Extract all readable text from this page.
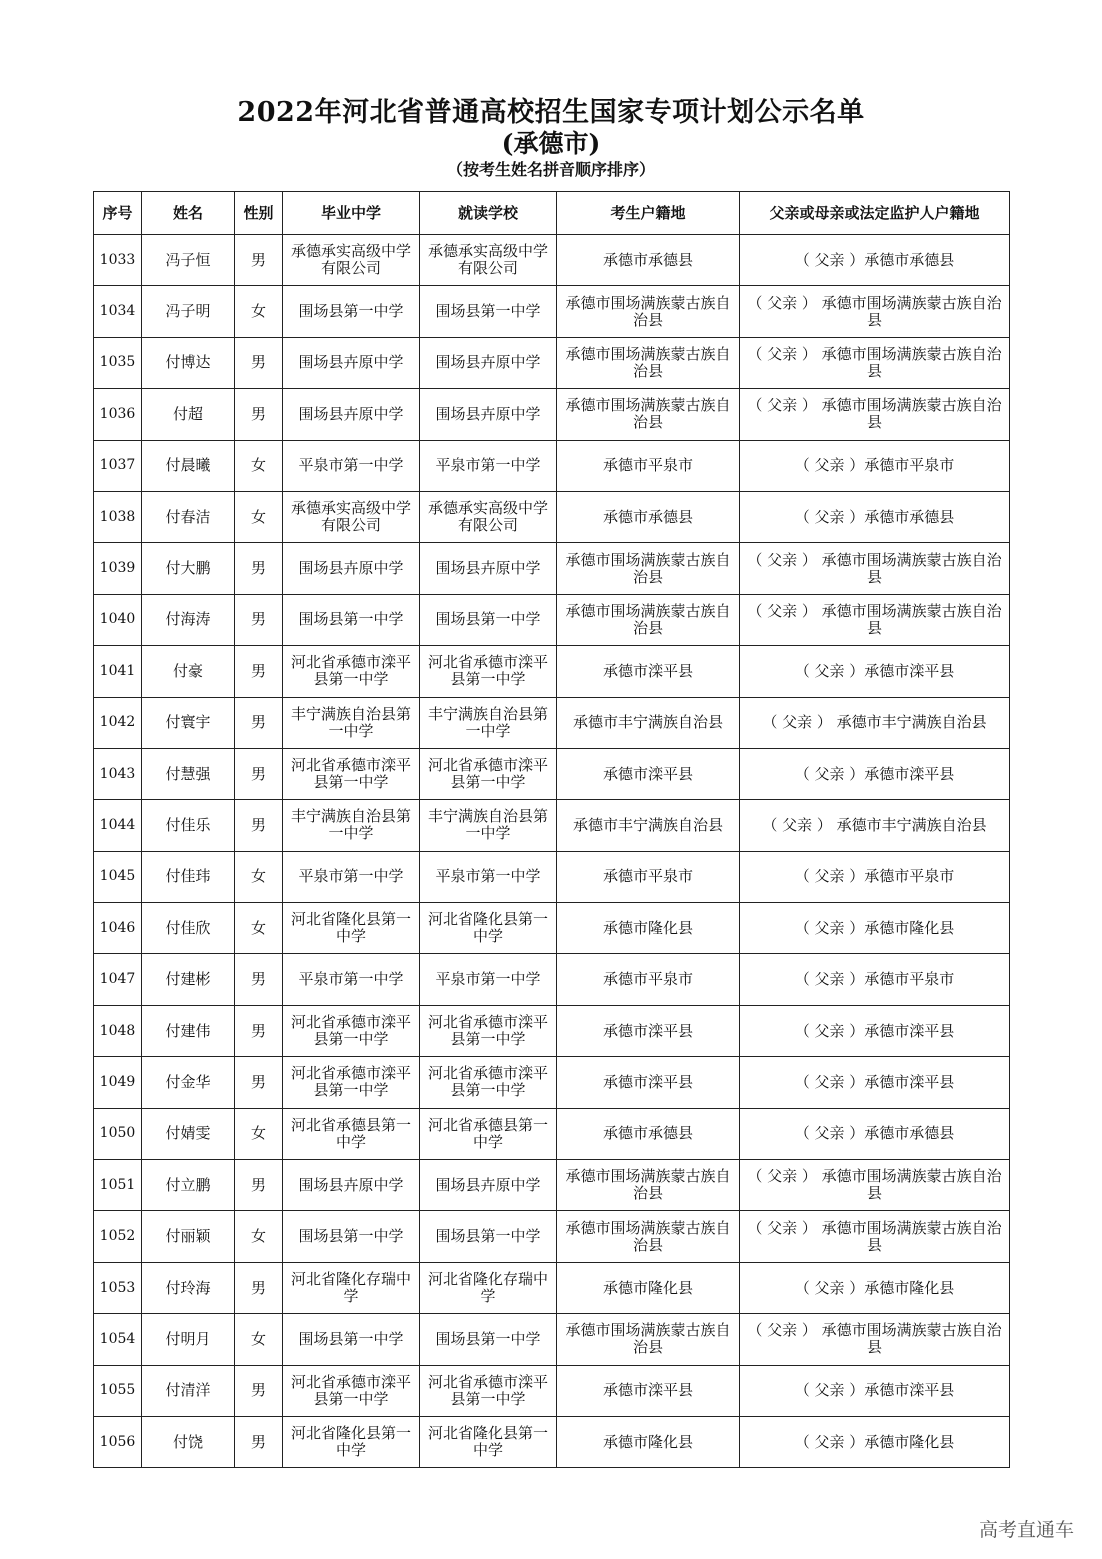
2022年河北省普通高校招生国家专项计划公示名单
(承德市)
（按考生姓名拼音顺序排序）
序号	姓名	性别	毕业中学	就读学校	考生户籍地	父亲或母亲或法定监护人户籍地
1033	冯子恒	男	承德承实高级中学有限公司	承德承实高级中学有限公司	承德市承德县	（ 父亲 ）承德市承德县
1034	冯子明	女	围场县第一中学	围场县第一中学	承德市围场满族蒙古族自治县	（ 父亲 ） 承德市围场满族蒙古族自治县
1035	付博达	男	围场县卉原中学	围场县卉原中学	承德市围场满族蒙古族自治县	（ 父亲 ） 承德市围场满族蒙古族自治县
1036	付超	男	围场县卉原中学	围场县卉原中学	承德市围场满族蒙古族自治县	（ 父亲 ） 承德市围场满族蒙古族自治县
1037	付晨曦	女	平泉市第一中学	平泉市第一中学	承德市平泉市	（ 父亲 ）承德市平泉市
1038	付春洁	女	承德承实高级中学有限公司	承德承实高级中学有限公司	承德市承德县	（ 父亲 ）承德市承德县
1039	付大鹏	男	围场县卉原中学	围场县卉原中学	承德市围场满族蒙古族自治县	（ 父亲 ） 承德市围场满族蒙古族自治县
1040	付海涛	男	围场县第一中学	围场县第一中学	承德市围场满族蒙古族自治县	（ 父亲 ） 承德市围场满族蒙古族自治县
1041	付豪	男	河北省承德市滦平县第一中学	河北省承德市滦平县第一中学	承德市滦平县	（ 父亲 ）承德市滦平县
1042	付寰宇	男	丰宁满族自治县第一中学	丰宁满族自治县第一中学	承德市丰宁满族自治县	（ 父亲 ） 承德市丰宁满族自治县
1043	付慧强	男	河北省承德市滦平县第一中学	河北省承德市滦平县第一中学	承德市滦平县	（ 父亲 ）承德市滦平县
1044	付佳乐	男	丰宁满族自治县第一中学	丰宁满族自治县第一中学	承德市丰宁满族自治县	（ 父亲 ） 承德市丰宁满族自治县
1045	付佳玮	女	平泉市第一中学	平泉市第一中学	承德市平泉市	（ 父亲 ）承德市平泉市
1046	付佳欣	女	河北省隆化县第一中学	河北省隆化县第一中学	承德市隆化县	（ 父亲 ）承德市隆化县
1047	付建彬	男	平泉市第一中学	平泉市第一中学	承德市平泉市	（ 父亲 ）承德市平泉市
1048	付建伟	男	河北省承德市滦平县第一中学	河北省承德市滦平县第一中学	承德市滦平县	（ 父亲 ）承德市滦平县
1049	付金华	男	河北省承德市滦平县第一中学	河北省承德市滦平县第一中学	承德市滦平县	（ 父亲 ）承德市滦平县
1050	付婧雯	女	河北省承德县第一中学	河北省承德县第一中学	承德市承德县	（ 父亲 ）承德市承德县
1051	付立鹏	男	围场县卉原中学	围场县卉原中学	承德市围场满族蒙古族自治县	（ 父亲 ） 承德市围场满族蒙古族自治县
1052	付丽颖	女	围场县第一中学	围场县第一中学	承德市围场满族蒙古族自治县	（ 父亲 ） 承德市围场满族蒙古族自治县
1053	付玲海	男	河北省隆化存瑞中学	河北省隆化存瑞中学	承德市隆化县	（ 父亲 ）承德市隆化县
1054	付明月	女	围场县第一中学	围场县第一中学	承德市围场满族蒙古族自治县	（ 父亲 ） 承德市围场满族蒙古族自治县
1055	付清洋	男	河北省承德市滦平县第一中学	河北省承德市滦平县第一中学	承德市滦平县	（ 父亲 ）承德市滦平县
1056	付饶	男	河北省隆化县第一中学	河北省隆化县第一中学	承德市隆化县	（ 父亲 ）承德市隆化县
高考直通车
